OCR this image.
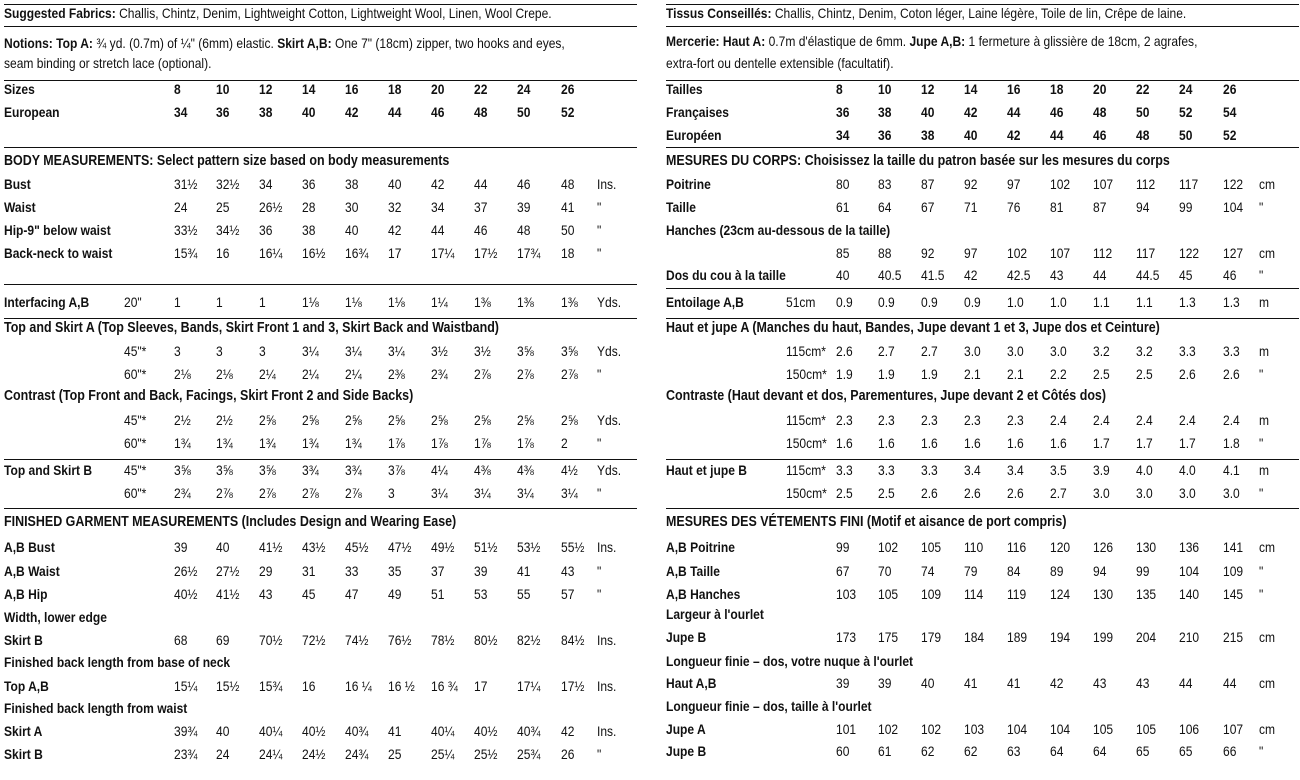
Suggested Fabrics: Challis, Chintz, Denim, Lightweight Cotton, Lightweight Wool, Linen, Wool Crepe.
Notions: Top A: ¾ yd. (0.7m) of ¼" (6mm) elastic. Skirt A,B: One 7" (18cm) zipper, two hooks and eyes,
seam binding or stretch lace (optional).
Sizes	8	10 12 14 16 18 20 22 24 26
European	34 36 38 40 42 44 46 48 50 52
BODY MEASUREMENTS: Select pattern size based on body measurements
Bust	31½ 32½ 34 36 38 40 42 44 46 48 Ins.
Waist	24 25 26½ 28 30 32 34 37 39 41 "
Hip-9" below waist	33½ 34½ 36 38 40 42 44 46 48 50 "
Back-neck to waist	15¾ 16 16¼ 16½ 16¾ 17 17¼ 17½ 17¾ 18 "
Interfacing A,B 20" 1	1	1	1⅛ 1⅛ 1⅛ 1¼ 1⅜ 1⅜ 1⅜ Yds.
Top and Skirt A (Top Sleeves, Bands, Skirt Front 1 and 3, Skirt Back and Waistband)
45"* 3	3	3	3¼ 3¼ 3¼ 3½ 3½ 3⅝ 3⅝ Yds.
60"* 2⅛ 2⅛ 2¼ 2¼ 2¼ 2⅜ 2¾ 2⅞ 2⅞ 2⅞ "
Contrast (Top Front and Back, Facings, Skirt Front 2 and Side Backs)
45"* 2½ 2½ 2⅝ 2⅝ 2⅝ 2⅝ 2⅝ 2⅝ 2⅝ 2⅝ Yds.
60"* 1¾ 1¾ 1¾ 1¾ 1¾ 1⅞ 1⅞ 1⅞ 1⅞ 2 "
Top and Skirt B 45"* 3⅝ 3⅝ 3⅝ 3¾ 3¾ 3⅞ 4¼ 4⅜ 4⅜ 4½ Yds.
60"* 2¾ 2⅞ 2⅞ 2⅞ 2⅞ 3	3¼ 3¼ 3¼ 3¼ "
FINISHED GARMENT MEASUREMENTS (Includes Design and Wearing Ease)
A,B Bust	39 40 41½ 43½ 45½ 47½ 49½ 51½ 53½ 55½ Ins.
A,B Waist	26½ 27½ 29 31 33 35 37 39 41 43 "
A,B Hip	40½ 41½ 43 45 47 49 51 53 55 57 "
Width, lower edge
Skirt B	68 69 70½ 72½ 74½ 76½ 78½ 80½ 82½ 84½ Ins.
Finished back length from base of neck
Top A,B	15¼ 15½ 15¾ 16 16 ¼ 16 ½ 16 ¾ 17 17¼ 17½ Ins.
Finished back length from waist
Skirt A	39¾ 40 40¼ 40½ 40¾ 41 40¼ 40½ 40¾ 42 Ins.
Skirt B	23¾ 24 24¼ 24½ 24¾ 25 25¼ 25½ 25¾ 26 "
Tissus Conseillés: Challis, Chintz, Denim, Coton léger, Laine légère, Toile de lin, Crêpe de laine.
Mercerie: Haut A: 0.7m d'élastique de 6mm. Jupe A,B: 1 fermeture à glissière de 18cm, 2 agrafes,
extra-fort ou dentelle extensible (facultatif).
Tailles	8	10 12 14 16 18 20 22 24 26
Françaises	36 38 40 42 44 46 48 50 52 54
Européen	34 36 38 40 42 44 46 48 50 52
MESURES DU CORPS: Choisissez la taille du patron basée sur les mesures du corps
Poitrine	80 83 87 92 97 102 107 112 117 122 cm
Taille	61 64 67 71 76 81 87 94 99 104 "
Hanches (23cm au-dessous de la taille)
85 88 92 97 102 107 112 117 122 127 cm
Dos du cou à la taille	40 40.5 41.5 42 42.5 43 44 44.5 45 46 "
Entoilage A,B	51cm 0.9 0.9 0.9 0.9 1.0 1.0 1.1 1.1 1.3 1.3 m
Haut et jupe A (Manches du haut, Bandes, Jupe devant 1 et 3, Jupe dos et Ceinture)
115cm* 2.6 2.7 2.7 3.0 3.0 3.0 3.2 3.2 3.3 3.3 m
150cm* 1.9 1.9 1.9 2.1 2.1 2.2 2.5 2.5 2.6 2.6 "
Contraste (Haut devant et dos, Parementures, Jupe devant 2 et Côtés dos)
115cm* 2.3 2.3 2.3 2.3 2.3 2.4 2.4 2.4 2.4 2.4 m
150cm* 1.6 1.6 1.6 1.6 1.6 1.6 1.7 1.7 1.7 1.8 "
Haut et jupe B	115cm* 3.3 3.3 3.3 3.4 3.4 3.5 3.9 4.0 4.0 4.1 m
150cm* 2.5 2.5 2.6 2.6 2.6 2.7 3.0 3.0 3.0 3.0 "
MESURES DES VÉTEMENTS FINI (Motif et aisance de port compris)
A,B Poitrine	99 102 105 110 116 120 126 130 136 141 cm
A,B Taille	67 70 74 79 84 89 94 99 104 109 "
A,B Hanches	103 105 109 114 119 124 130 135 140 145 "
Largeur à l'ourlet
Jupe B	173 175 179 184 189 194 199 204 210 215 cm
Longueur finie – dos, votre nuque à l'ourlet
Haut A,B	39 39 40 41 41 42 43 43 44 44 cm
Longueur finie – dos, taille à l'ourlet
Jupe A	101 102 102 103 104 104 105 105 106 107 cm
Jupe B	60 61 62 62 63 64 64 65 65 66 "
